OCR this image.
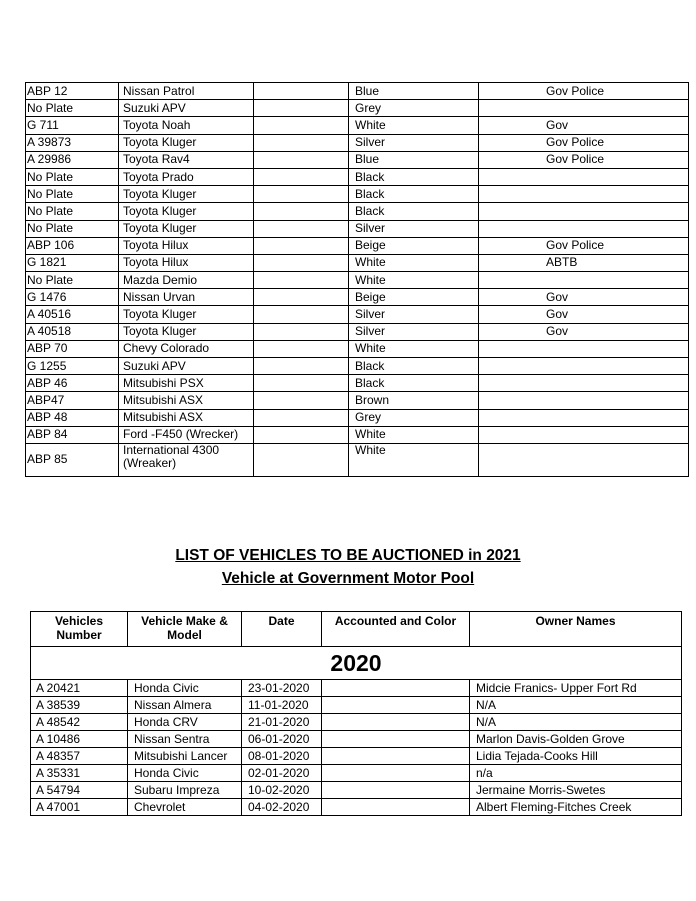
ABP 12	Nissan Patrol		Blue	Gov Police
No Plate	Suzuki APV		Grey	
G 711	Toyota Noah		White	Gov
A 39873	Toyota Kluger		Silver	Gov Police
A 29986	Toyota Rav4		Blue	Gov Police
No Plate	Toyota Prado		Black	
No Plate	Toyota Kluger		Black	
No Plate	Toyota Kluger		Black	
No Plate	Toyota Kluger		Silver	
ABP 106	Toyota Hilux		Beige	Gov Police
G 1821	Toyota Hilux		White	ABTB
No Plate	Mazda Demio		White	
G 1476	Nissan Urvan		Beige	Gov
A 40516	Toyota Kluger		Silver	Gov
A 40518	Toyota Kluger		Silver	Gov
ABP 70	Chevy Colorado		White	
G 1255	Suzuki APV		Black	
ABP 46	Mitsubishi PSX		Black	
ABP47	Mitsubishi ASX		Brown	
ABP 48	Mitsubishi ASX		Grey	
ABP 84	Ford -F450 (Wrecker)		White	
ABP 85	International 4300 (Wreaker)		White	
LIST OF VEHICLES TO BE AUCTIONED in 2021
Vehicle at Government Motor Pool
Vehicles Number	Vehicle Make & Model	Date	Accounted and Color	Owner Names
2020				
A 20421	Honda Civic	23-01-2020		Midcie Franics- Upper Fort Rd
A 38539	Nissan Almera	11-01-2020		N/A
A 48542	Honda CRV	21-01-2020		N/A
A 10486	Nissan Sentra	06-01-2020		Marlon Davis-Golden Grove
A 48357	Mitsubishi Lancer	08-01-2020		Lidia Tejada-Cooks Hill
A 35331	Honda Civic	02-01-2020		n/a
A 54794	Subaru Impreza	10-02-2020		Jermaine Morris-Swetes
A 47001	Chevrolet	04-02-2020		Albert Fleming-Fitches Creek
